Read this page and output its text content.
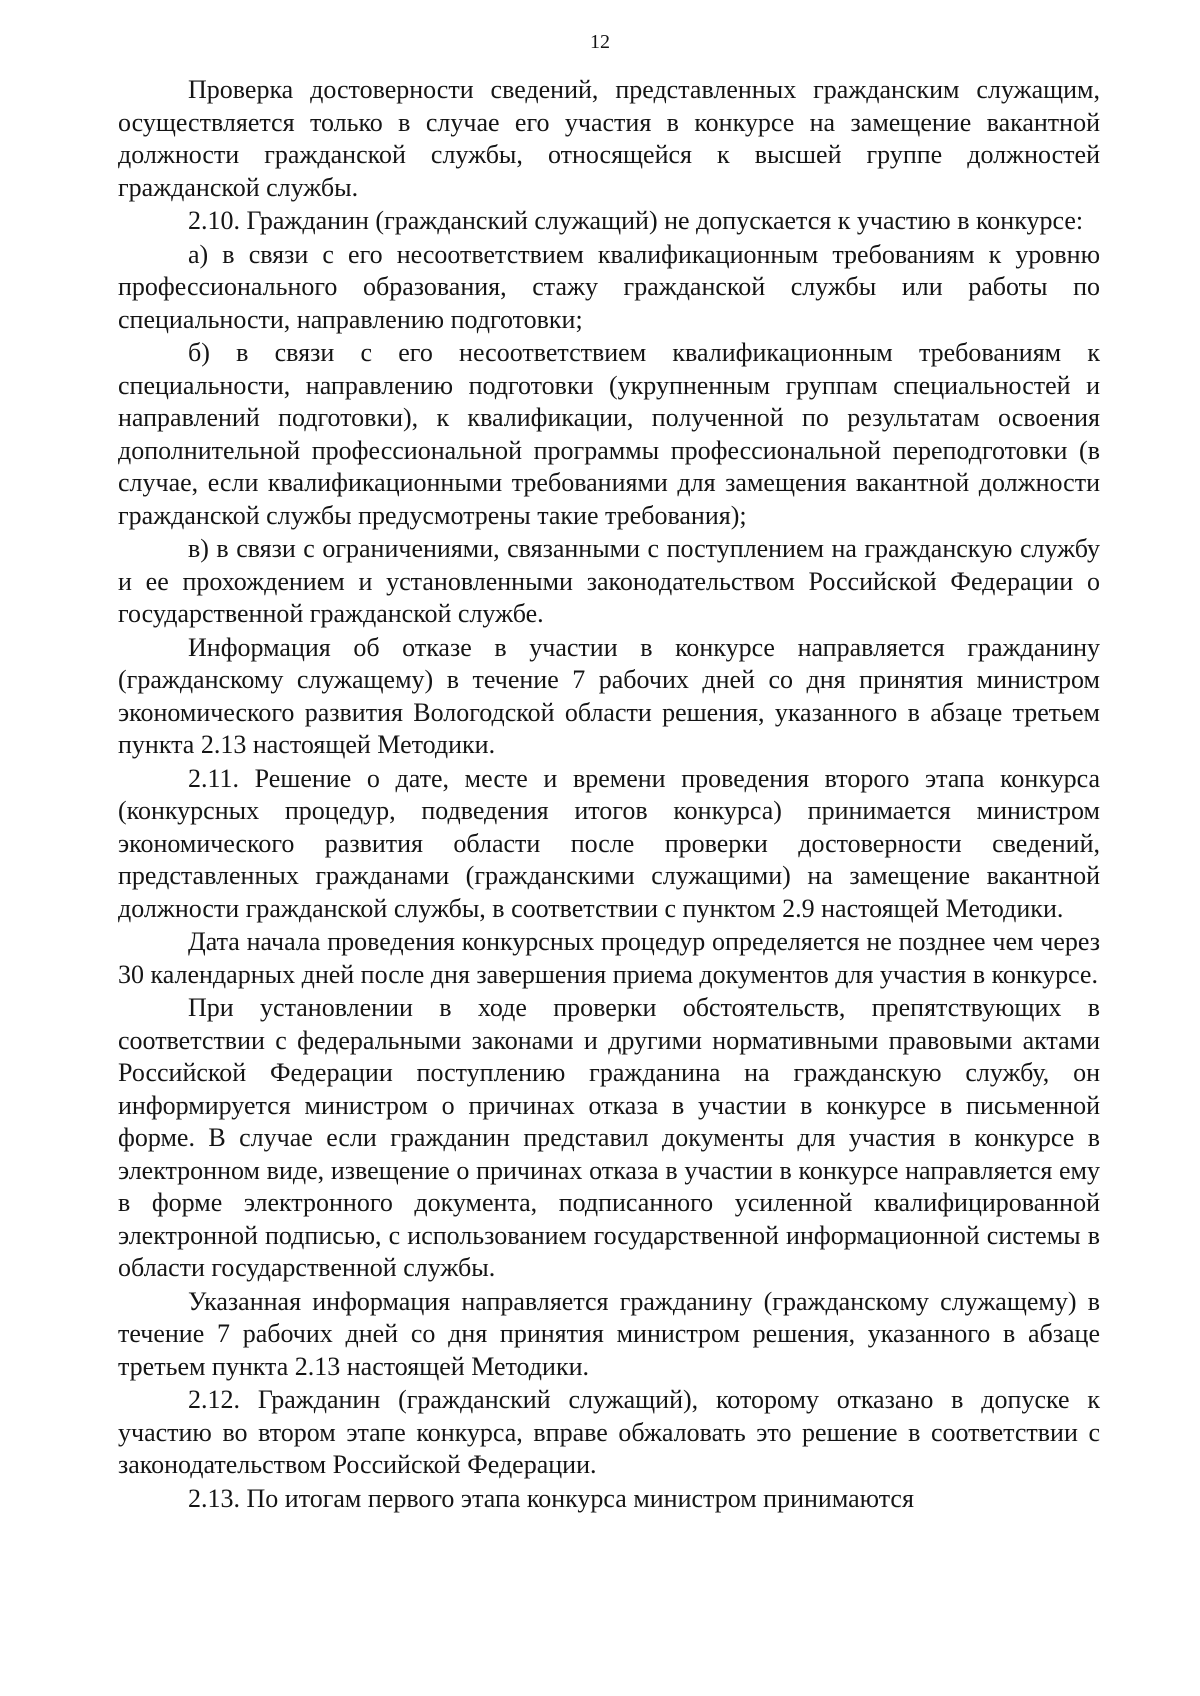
12

Проверка достоверности сведений, представленных гражданским служащим, осуществляется только в случае его участия в конкурсе на замещение вакантной должности гражданской службы, относящейся к высшей группе должностей гражданской службы.

2.10. Гражданин (гражданский служащий) не допускается к участию в конкурсе:

а) в связи с его несоответствием квалификационным требованиям к уровню профессионального образования, стажу гражданской службы или работы по специальности, направлению подготовки;

б) в связи с его несоответствием квалификационным требованиям к специальности, направлению подготовки (укрупненным группам специальностей и направлений подготовки), к квалификации, полученной по результатам освоения дополнительной профессиональной программы профессиональной переподготовки (в случае, если квалификационными требованиями для замещения вакантной должности гражданской службы предусмотрены такие требования);

в) в связи с ограничениями, связанными с поступлением на гражданскую службу и ее прохождением и установленными законодательством Российской Федерации о государственной гражданской службе.

Информация об отказе в участии в конкурсе направляется гражданину (гражданскому служащему) в течение 7 рабочих дней со дня принятия министром экономического развития Вологодской области решения, указанного в абзаце третьем пункта 2.13 настоящей Методики.

2.11. Решение о дате, месте и времени проведения второго этапа конкурса (конкурсных процедур, подведения итогов конкурса) принимается министром экономического развития области после проверки достоверности сведений, представленных гражданами (гражданскими служащими) на замещение вакантной должности гражданской службы, в соответствии с пунктом 2.9 настоящей Методики.

Дата начала проведения конкурсных процедур определяется не позднее чем через 30 календарных дней после дня завершения приема документов для участия в конкурсе.

При установлении в ходе проверки обстоятельств, препятствующих в соответствии с федеральными законами и другими нормативными правовыми актами Российской Федерации поступлению гражданина на гражданскую службу, он информируется министром о причинах отказа в участии в конкурсе в письменной форме. В случае если гражданин представил документы для участия в конкурсе в электронном виде, извещение о причинах отказа в участии в конкурсе направляется ему в форме электронного документа, подписанного усиленной квалифицированной электронной подписью, с использованием государственной информационной системы в области государственной службы.

Указанная информация направляется гражданину (гражданскому служащему) в течение 7 рабочих дней со дня принятия министром решения, указанного в абзаце третьем пункта 2.13 настоящей Методики.

2.12. Гражданин (гражданский служащий), которому отказано в допуске к участию во втором этапе конкурса, вправе обжаловать это решение в соответствии с законодательством Российской Федерации.

2.13. По итогам первого этапа конкурса министром принимаются
